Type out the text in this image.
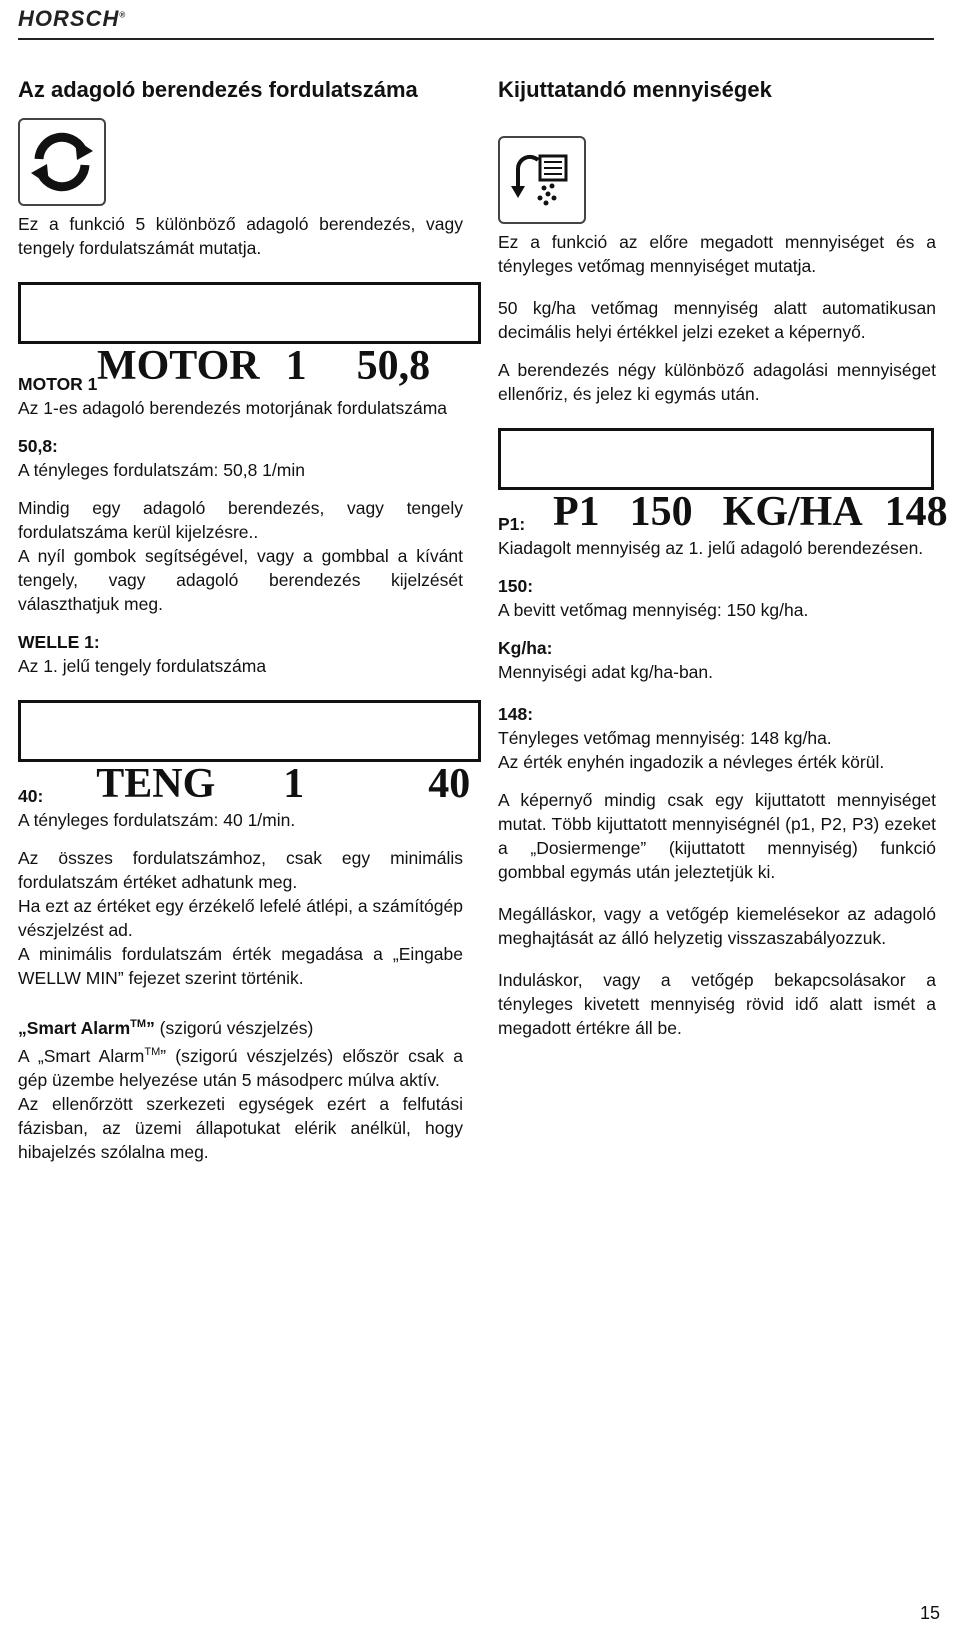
HORSCH®
Az adagoló berendezés fordulatszáma

Ez a funkció 5 különböző adagoló berendezés, vagy tengely fordulatszámát mutatja.

MOTOR 1 50,8

MOTOR 1

Az 1-es adagoló berendezés motorjának fordulatszáma

50,8:

A tényleges fordulatszám: 50,8 1/min

Mindig egy adagoló berendezés, vagy tengely fordulatszáma kerül kijelzésre..

A nyíl gombok segítségével, vagy a gombbal a kívánt tengely, vagy adagoló berendezés kijelzését választhatjuk meg.

WELLE 1:

Az 1. jelű tengely fordulatszáma

TENG 1	40

40:

A tényleges fordulatszám: 40 1/min.

Az összes fordulatszámhoz, csak egy minimális fordulatszám értéket adhatunk meg.

Ha ezt az értéket egy érzékelő lefelé átlépi, a számítógép vészjelzést ad.

A minimális fordulatszám érték megadása a „Eingabe WELLW MIN” fejezet szerint történik.

„Smart Alarm™” (szigorú vészjelzés)

A „Smart Alarm™” (szigorú vészjelzés) először csak a gép üzembe helyezése után 5 másodperc múlva aktív.

Az ellenőrzött szerkezeti egységek ezért a felfutási fázisban, az üzemi állapotukat elérik anélkül, hogy hibajelzés szólalna meg.

Kijuttatandó mennyiségek

Ez a funkció az előre megadott mennyiséget és a tényleges vetőmag mennyiséget mutatja.

50 kg/ha vetőmag mennyiség alatt automatikusan decimális helyi értékkel jelzi ezeket a képernyő.

A berendezés négy különböző adagolási mennyiséget ellenőriz, és jelez ki egymás után.

P1 150 KG/HA 148

P1:

Kiadagolt mennyiség az 1. jelű adagoló berendezésen.

150:

A bevitt vetőmag mennyiség: 150 kg/ha.

Kg/ha:

Mennyiségi adat kg/ha-ban.

148:

Tényleges vetőmag mennyiség: 148 kg/ha.

Az érték enyhén ingadozik a névleges érték körül.

A képernyő mindig csak egy kijuttatott mennyiséget mutat. Több kijuttatott mennyiségnél (p1, P2, P3) ezeket a „Dosiermenge” (kijuttatott mennyiség) funkció gombbal egymás után jeleztetjük ki.

Megálláskor, vagy a vetőgép kiemelésekor az adagoló meghajtását az álló helyzetig visszaszabályozzuk.

Induláskor, vagy a vetőgép bekapcsolásakor a tényleges kivetett mennyiség rövid idő alatt ismét a megadott értékre áll be.

15
